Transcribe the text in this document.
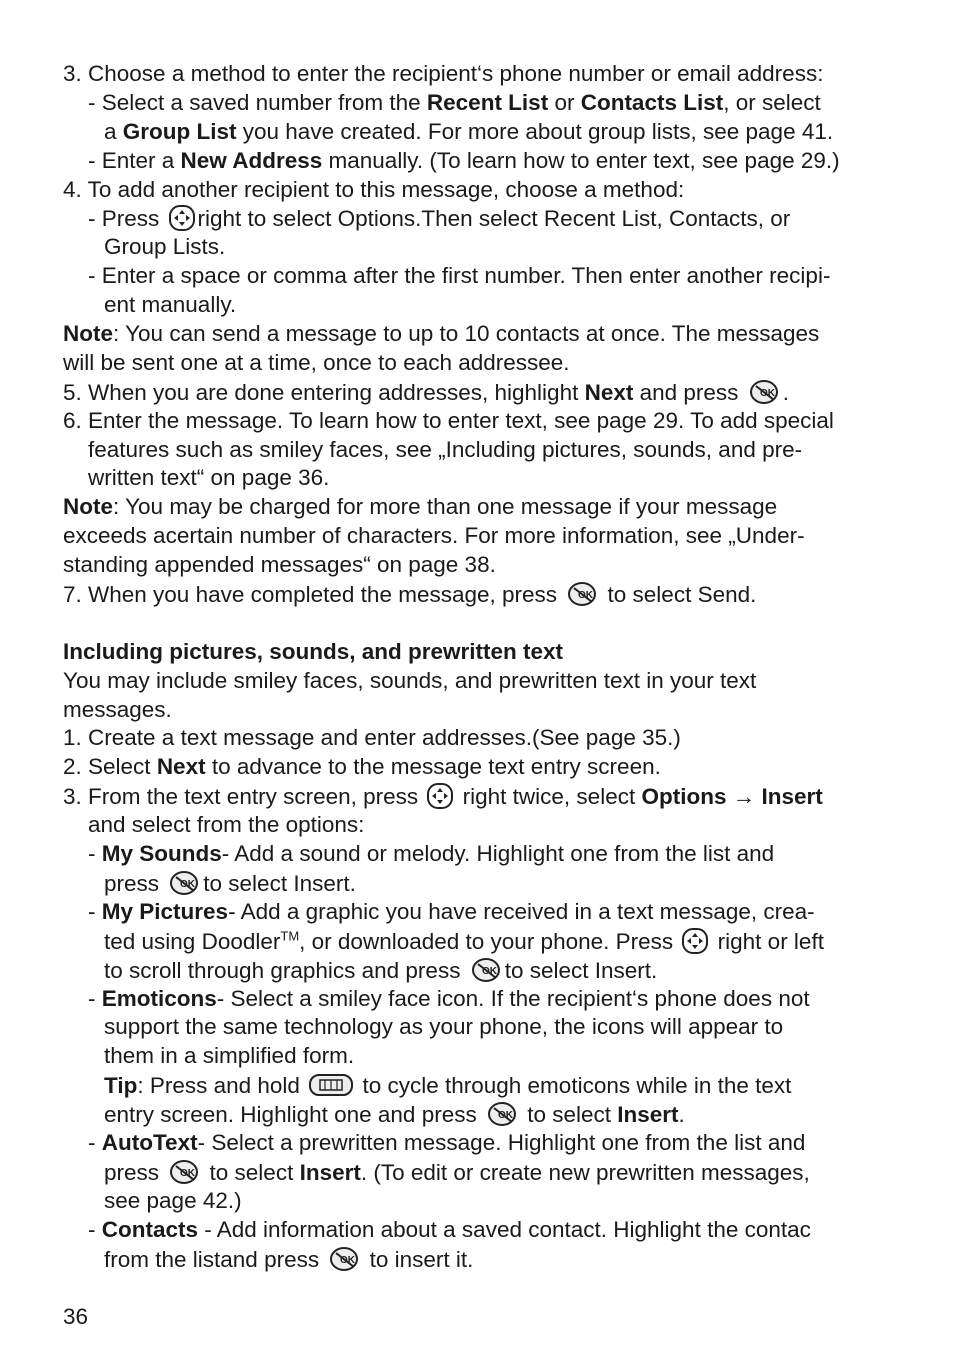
3. Choose a method to enter the recipient‘s phone number or email address:
- Select a saved number from the Recent List or Contacts List, or select
a Group List you have created. For more about group lists, see page 41.
- Enter a New Address manually. (To learn how to enter text, see page 29.)
4. To add another recipient to this message, choose a method:
- Press right to select Options.Then select Recent List, Contacts, or
Group Lists.
- Enter a space or comma after the first number. Then enter another recipi-
ent manually.
Note: You can send a message to up to 10 contacts at once. The messages
will be sent one at a time, once to each addressee.
5. When you are done entering addresses, highlight Next and press .
6. Enter the message. To learn how to enter text, see page 29. To add special
features such as smiley faces, see „Including pictures, sounds, and pre-
written text“ on page 36.
Note: You may be charged for more than one message if your message
exceeds acertain number of characters. For more information, see „Under-
standing appended messages“ on page 38.
7. When you have completed the message, press  to select Send.
Including pictures, sounds, and prewritten text
You may include smiley faces, sounds, and prewritten text in your text
messages.
1. Create a text message and enter addresses.(See page 35.)
2. Select Next to advance to the message text entry screen.
3. From the text entry screen, press  right twice, select Options → Insert
and select from the options:
- My Sounds- Add a sound or melody. Highlight one from the list and
press to select Insert.
- My Pictures- Add a graphic you have received in a text message, crea-
ted using Doodler™, or downloaded to your phone. Press  right or left
to scroll through graphics and press to select Insert.
- Emoticons- Select a smiley face icon. If the recipient‘s phone does not
support the same technology as your phone, the icons will appear to
them in a simplified form.
Tip: Press and hold  to cycle through emoticons while in the text
entry screen. Highlight one and press  to select Insert.
- AutoText- Select a prewritten message. Highlight one from the list and
press  to select Insert. (To edit or create new prewritten messages,
see page 42.)
- Contacts - Add information about a saved contact. Highlight the contac
from the listand press  to insert it.
36
